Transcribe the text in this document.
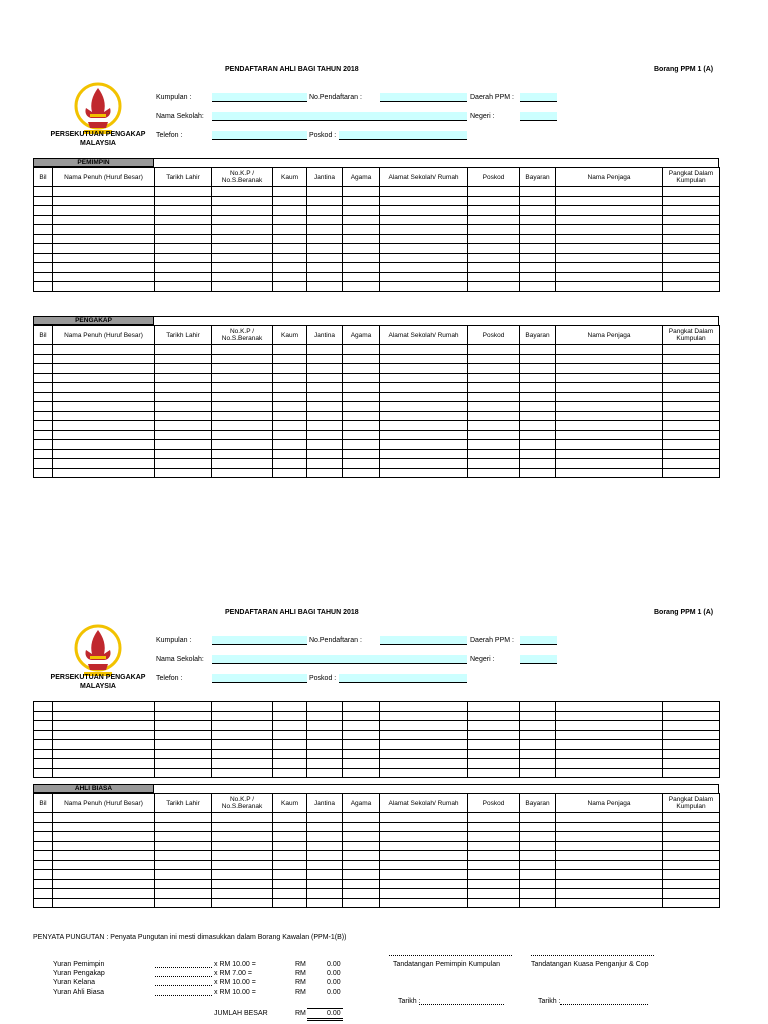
PENDAFTARAN AHLI BAGI TAHUN 2018	Borang PPM 1 (A)
PERSEKUTUAN PENGAKAP
MALAYSIA
Kumpulan :	No.Pendaftaran :	Daerah PPM :
Nama Sekolah:	Negeri :
Telefon :	Poskod :
PEMIMPIN
Bil	Nama Penuh (Huruf Besar)	Tarikh Lahir	No.K.P / No.S.Beranak	Kaum	Jantina	Agama	Alamat Sekolah/ Rumah	Poskod	Bayaran	Nama Penjaga	Pangkat Dalam Kumpulan

PENGAKAP
Bil	Nama Penuh (Huruf Besar)	Tarikh Lahir	No.K.P / No.S.Beranak	Kaum	Jantina	Agama	Alamat Sekolah/ Rumah	Poskod	Bayaran	Nama Penjaga	Pangkat Dalam Kumpulan

PENDAFTARAN AHLI BAGI TAHUN 2018	Borang PPM 1 (A)
PERSEKUTUAN PENGAKAP
MALAYSIA
Kumpulan :	No.Pendaftaran :	Daerah PPM :
Nama Sekolah:	Negeri :
Telefon :	Poskod :

AHLI BIASA
Bil	Nama Penuh (Huruf Besar)	Tarikh Lahir	No.K.P / No.S.Beranak	Kaum	Jantina	Agama	Alamat Sekolah/ Rumah	Poskod	Bayaran	Nama Penjaga	Pangkat Dalam Kumpulan

PENYATA PUNGUTAN : Penyata Pungutan ini mesti dimasukkan dalam Borang Kawalan (PPM-1(B))
Yuran Pemimpin	x RM 10.00 =	RM	0.00
Yuran Pengakap	x RM 7.00 =	RM	0.00
Yuran Kelana	x RM 10.00 =	RM	0.00
Yuran Ahli Biasa	x RM 10.00 =	RM	0.00
JUMLAH BESAR	RM	0.00
Tandatangan Pemimpin Kumpulan	Tandatangan Kuasa Penganjur & Cop
Tarikh :	Tarikh :
